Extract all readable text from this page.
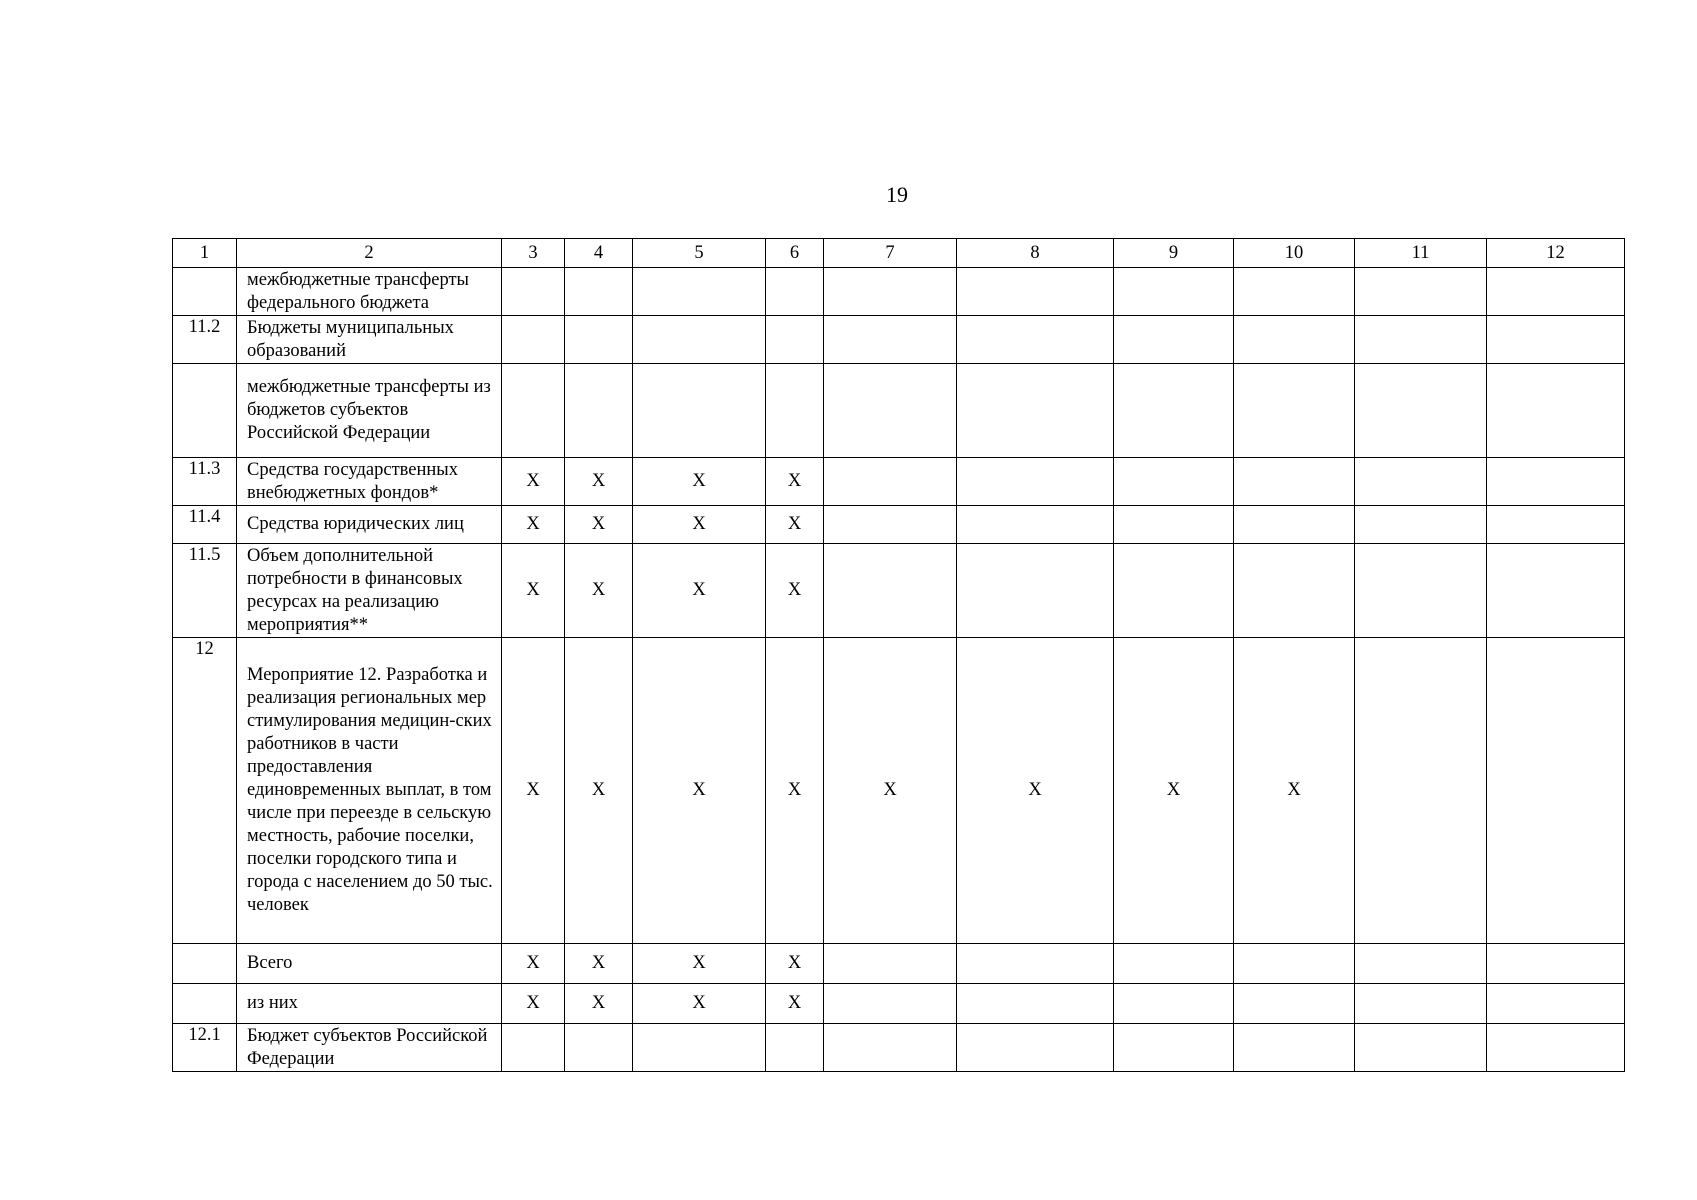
19
1	2	3	4	5	6	7	8	9	10	11	12
	межбюджетные трансферты федерального бюджета										
11.2	Бюджеты муниципальных образований										
	межбюджетные трансферты из бюджетов субъектов Российской Федерации										
11.3	Средства государственных внебюджетных фондов*	X	X	X	X						
11.4	Средства юридических лиц	X	X	X	X						
11.5	Объем дополнительной потребности в финансовых ресурсах на реализацию мероприятия**	X	X	X	X						
12	Мероприятие 12. Разработка и реализация региональных мер стимулирования медицин-ских работников в части предоставления единовременных выплат, в том числе при переезде в сельскую местность, рабочие поселки, поселки городского типа и города с населением до 50 тыс. человек	X	X	X	X	X	X	X	X		
	Всего	X	X	X	X						
	из них	X	X	X	X						
12.1	Бюджет субъектов Российской Федерации										
